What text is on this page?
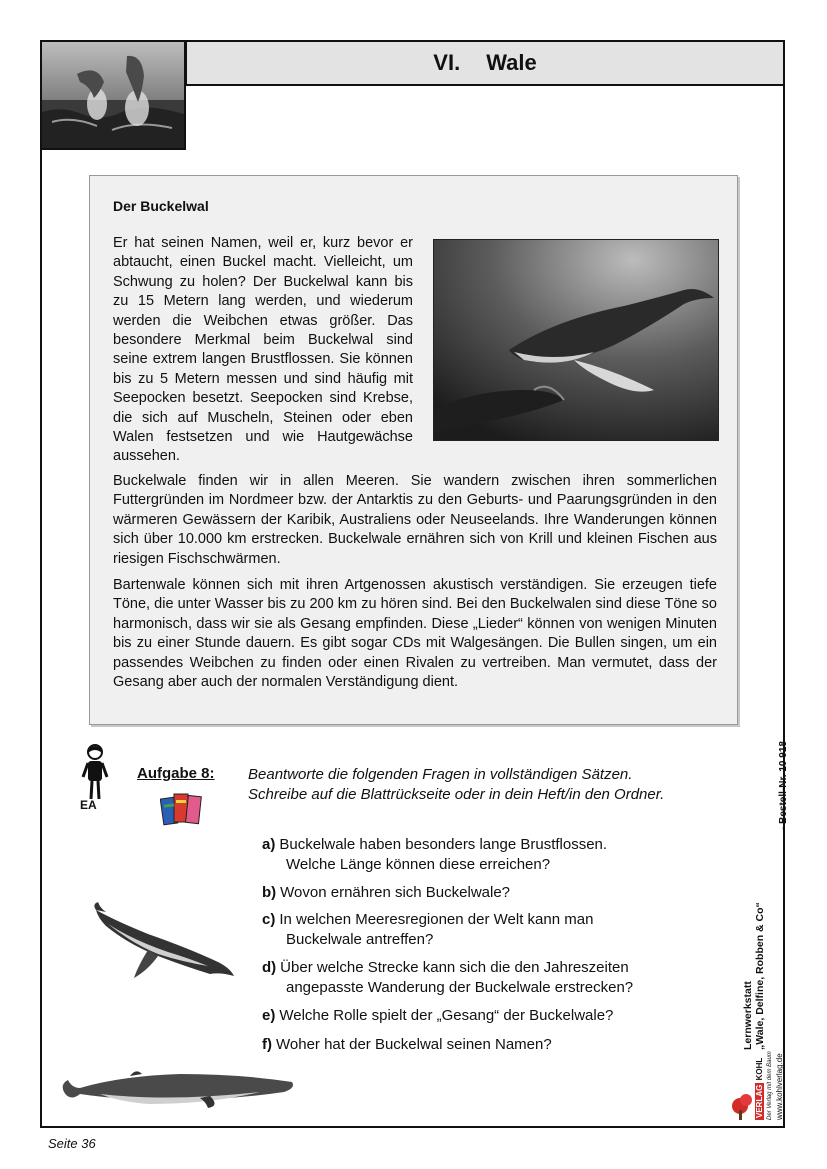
VI. Wale
Der Buckelwal

Er hat seinen Namen, weil er, kurz bevor er abtaucht, einen Buckel macht. Vielleicht, um Schwung zu holen? Der Buckelwal kann bis zu 15 Metern lang werden, und wiederum werden die Weibchen etwas größer. Das besondere Merkmal beim Buckelwal sind seine extrem langen Brustflossen. Sie können bis zu 5 Metern messen und sind häufig mit Seepocken besetzt. Seepocken sind Krebse, die sich auf Muscheln, Steinen oder eben Walen festsetzen und wie Hautgewächse aussehen.

Buckelwale finden wir in allen Meeren. Sie wandern zwischen ihren sommerlichen Futtergründen im Nordmeer bzw. der Antarktis zu den Geburts- und Paarungsgründen in den wärmeren Gewässern der Karibik, Australiens oder Neuseelands. Ihre Wanderungen können sich über 10.000 km erstrecken. Buckelwale ernähren sich von Krill und kleinen Fischen aus riesigen Fischschwärmen.

Bartenwale können sich mit ihren Artgenossen akustisch verständigen. Sie erzeugen tiefe Töne, die unter Wasser bis zu 200 km zu hören sind. Bei den Buckelwalen sind diese Töne so harmonisch, dass wir sie als Gesang empfinden. Diese „Lieder“ können von wenigen Minuten bis zu einer Stunde dauern. Es gibt sogar CDs mit Walgesängen. Die Bullen singen, um ein passendes Weibchen zu finden oder einen Rivalen zu vertreiben. Man vermutet, dass der Gesang aber auch der normalen Verständigung dient.

EA
Aufgabe 8: Beantworte die folgenden Fragen in vollständigen Sätzen.
Schreibe auf die Blattrückseite oder in dein Heft/in den Ordner.

a) Buckelwale haben besonders lange Brustflossen.
Welche Länge können diese erreichen?

b) Wovon ernähren sich Buckelwale?

c) In welchen Meeresregionen der Welt kann man
Buckelwale antreffen?

d) Über welche Strecke kann sich die den Jahreszeiten
angepasste Wanderung der Buckelwale erstrecken?

e) Welche Rolle spielt der „Gesang“ der Buckelwale?

f) Woher hat der Buckelwal seinen Namen?	Lernwerkstatt „Wale, Delfine, Robben & Co“
- Bestell-Nr. 10 918
VERLAG KOHL Der Verlag mit dem Baum www.kohlverlag.de
Seite 36
